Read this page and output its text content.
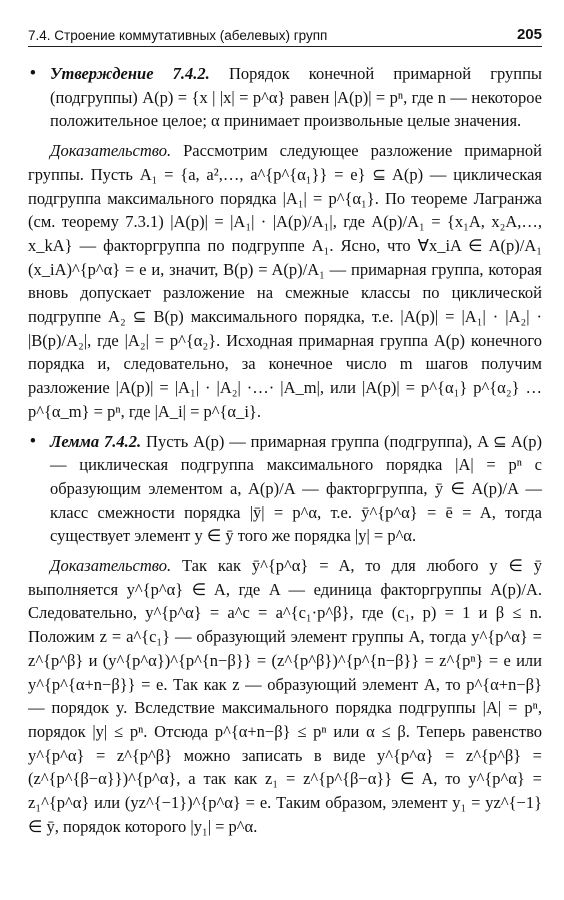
7.4. Строение коммутативных (абелевых) групп	205

• Утверждение 7.4.2. Порядок конечной примарной группы (подгруппы) A(p) = {x | |x| = p^α} равен |A(p)| = pⁿ, где n — некоторое положительное целое; α принимает произвольные целые значения.

Доказательство. Рассмотрим следующее разложение примарной группы. Пусть A₁ = {a, a²,…, a^{p^{α₁}} = e} ⊆ A(p) — циклическая подгруппа максимального порядка |A₁| = p^{α₁}. По теореме Лагранжа (см. теорему 7.3.1) |A(p)| = |A₁| · |A(p)/A₁|, где A(p)/A₁ = {x₁A, x₂A,…, x_kA} — факторгруппа по подгруппе A₁. Ясно, что ∀x_iA ∈ A(p)/A₁ (x_iA)^{p^α} = e и, значит, B(p) = A(p)/A₁ — примарная группа, которая вновь допускает разложение на смежные классы по циклической подгруппе A₂ ⊆ B(p) максимального порядка, т.е. |A(p)| = |A₁| · |A₂| · |B(p)/A₂|, где |A₂| = p^{α₂}. Исходная примарная группа A(p) конечного порядка и, следовательно, за конечное число m шагов получим разложение |A(p)| = |A₁| · |A₂| ·…· |A_m|, или |A(p)| = p^{α₁} p^{α₂} … p^{α_m} = pⁿ, где |A_i| = p^{α_i}.

• Лемма 7.4.2. Пусть A(p) — примарная группа (подгруппа), A ⊆ A(p) — циклическая подгруппа максимального порядка |A| = pⁿ с образующим элементом a, A(p)/A — факторгруппа, ȳ ∈ A(p)/A — класс смежности порядка |ȳ| = p^α, т.е. ȳ^{p^α} = ē = A, тогда существует элемент y ∈ ȳ того же порядка |y| = p^α.

Доказательство. Так как ȳ^{p^α} = A, то для любого y ∈ ȳ выполняется y^{p^α} ∈ A, где A — единица факторгруппы A(p)/A. Следовательно, y^{p^α} = a^c = a^{c₁·p^β}, где (c₁, p) = 1 и β ≤ n. Положим z = a^{c₁} — образующий элемент группы A, тогда y^{p^α} = z^{p^β} и (y^{p^α})^{p^{n−β}} = (z^{p^β})^{p^{n−β}} = z^{pⁿ} = e или y^{p^{α+n−β}} = e. Так как z — образующий элемент A, то p^{α+n−β} — порядок y. Вследствие максимального порядка подгруппы |A| = pⁿ, порядок |y| ≤ pⁿ. Отсюда p^{α+n−β} ≤ pⁿ или α ≤ β. Теперь равенство y^{p^α} = z^{p^β} можно записать в виде y^{p^α} = z^{p^β} = (z^{p^{β−α}})^{p^α}, а так как z₁ = z^{p^{β−α}} ∈ A, то y^{p^α} = z₁^{p^α} или (yz^{−1})^{p^α} = e. Таким образом, элемент y₁ = yz^{−1} ∈ ȳ, порядок которого |y₁| = p^α.
